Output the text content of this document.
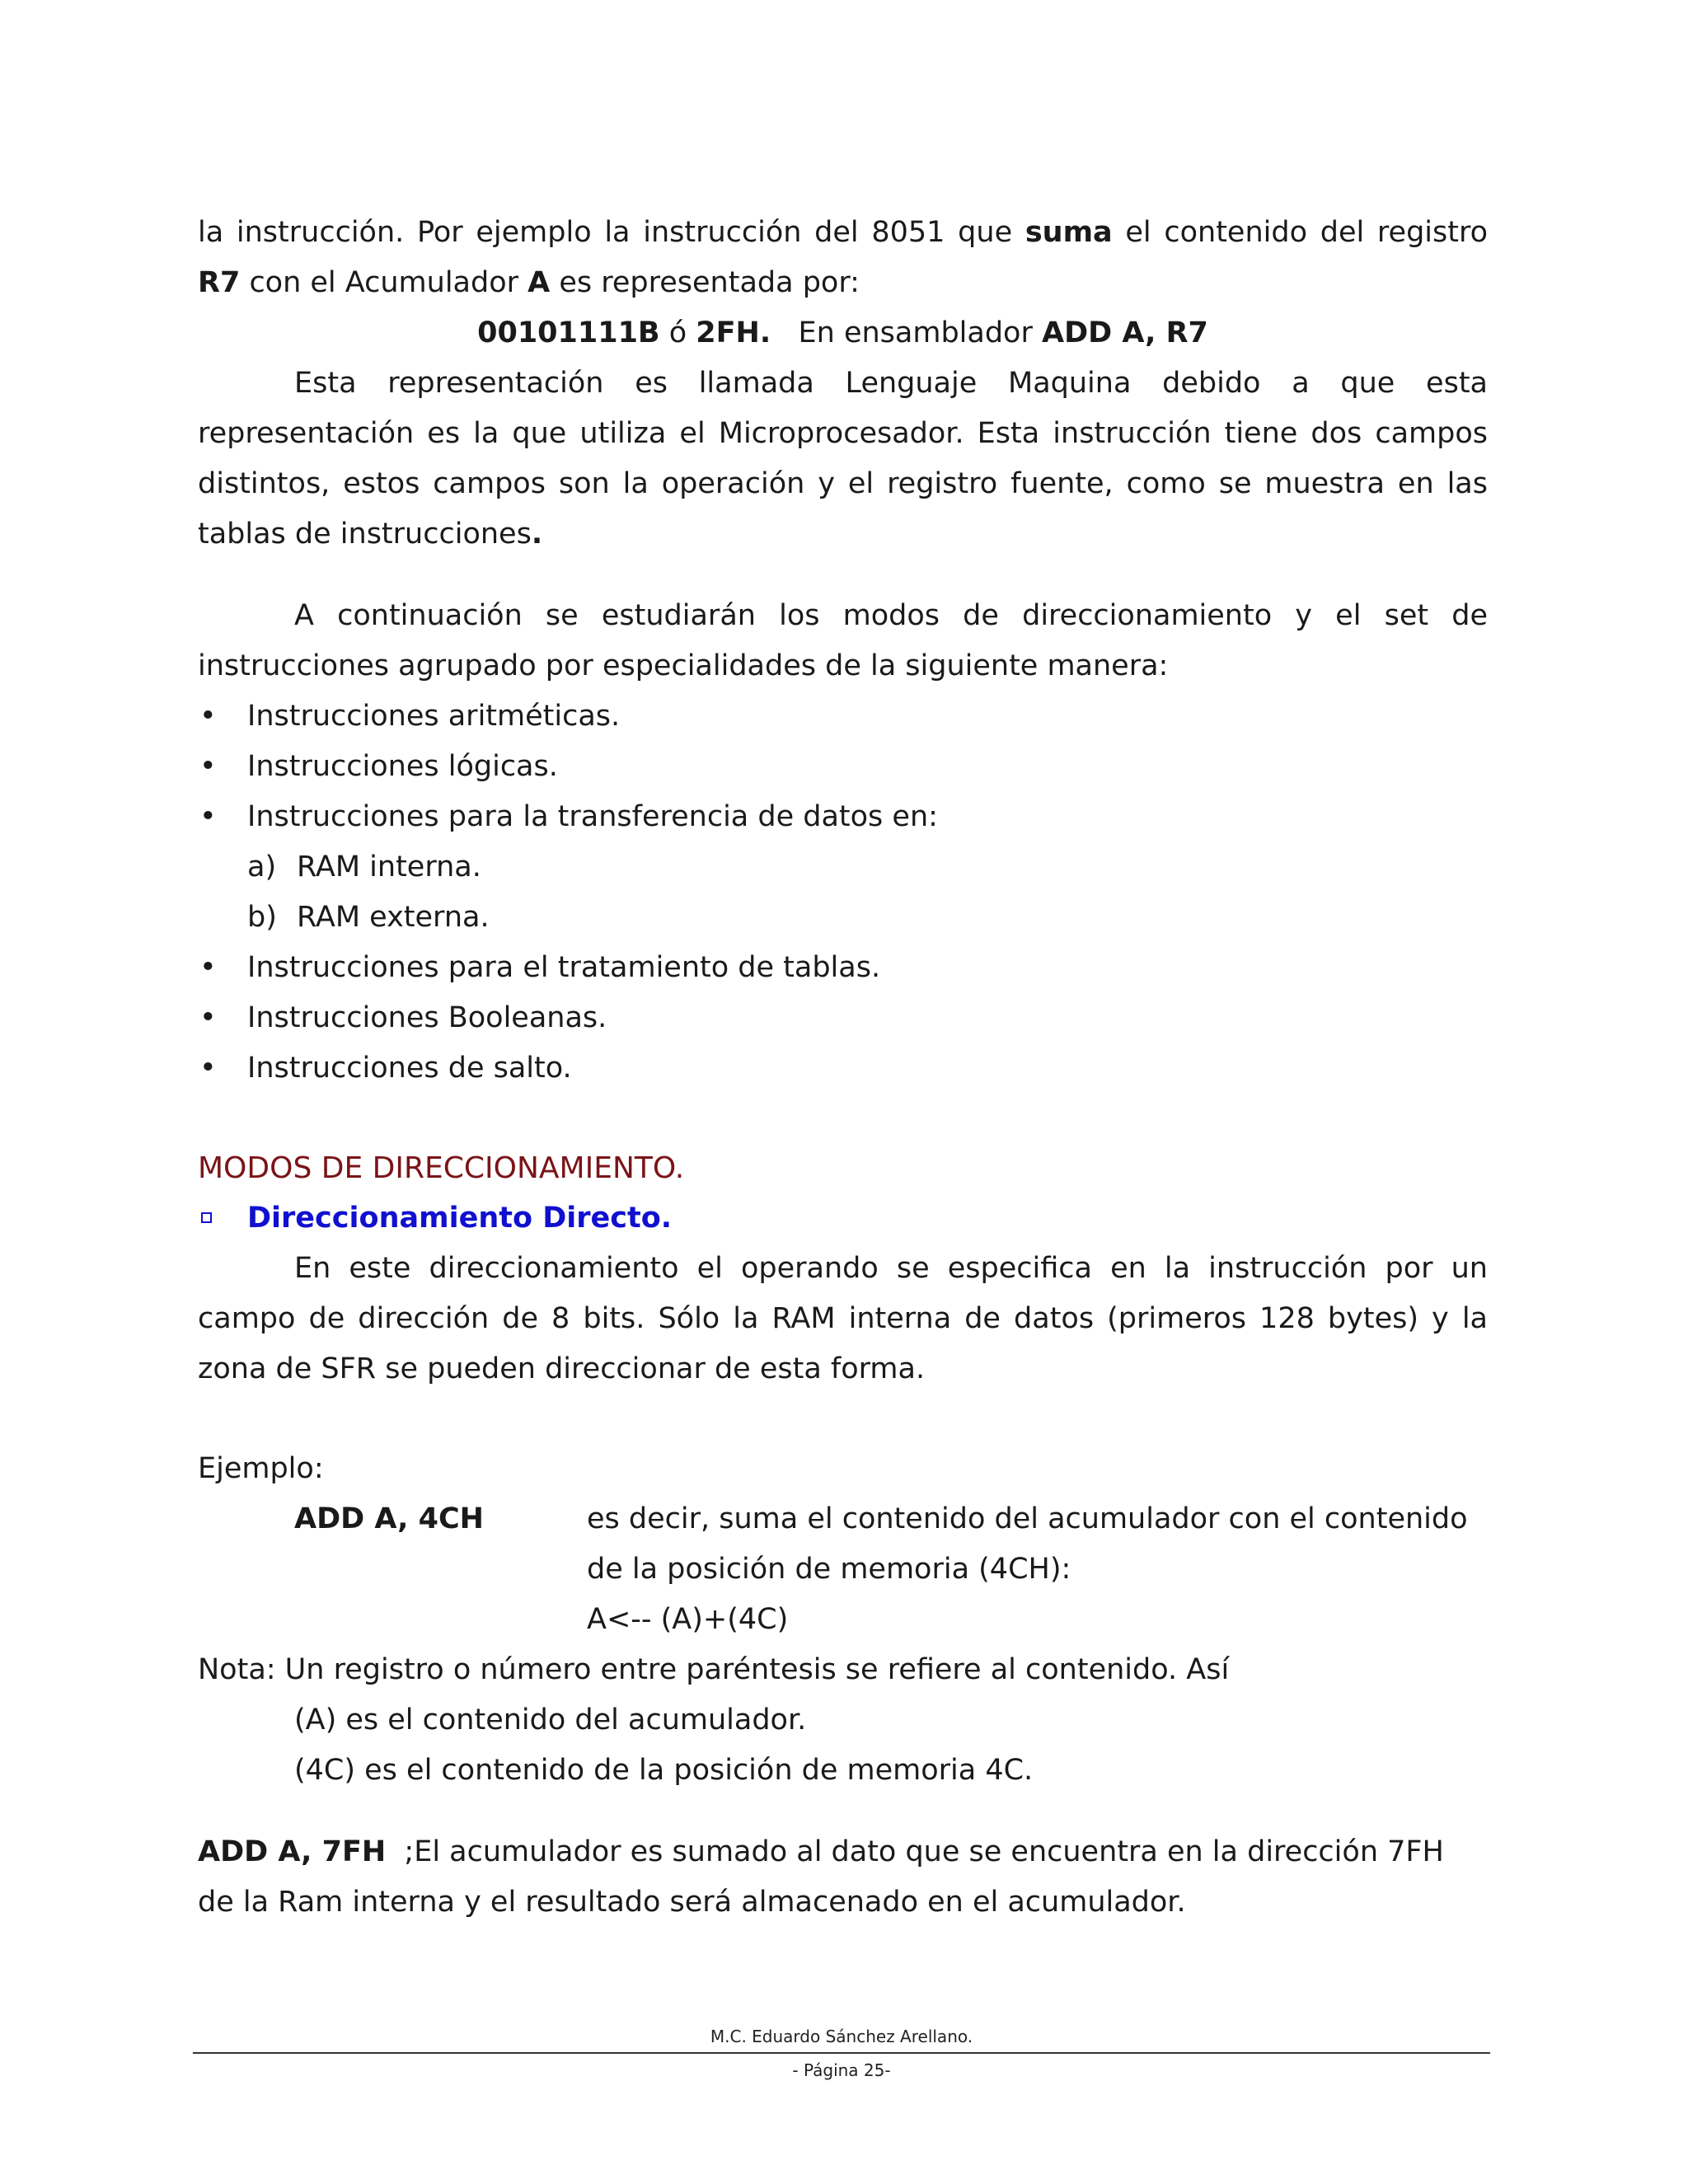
la instrucción. Por ejemplo la instrucción del 8051 que suma el contenido del registro R7 con el Acumulador A es representada por:

00101111B ó 2FH.   En ensamblador ADD A, R7

Esta representación es llamada Lenguaje Maquina debido a que esta representación es la que utiliza el Microprocesador. Esta instrucción tiene dos campos distintos, estos campos son la operación y el registro fuente, como se muestra en las tablas de instrucciones.

A continuación se estudiarán los modos de direccionamiento y el set de instrucciones agrupado por especialidades de la siguiente manera:

• Instrucciones aritméticas.
• Instrucciones lógicas.
• Instrucciones para la transferencia de datos en:
a) RAM interna.
b) RAM externa.
• Instrucciones para el tratamiento de tablas.
• Instrucciones Booleanas.
• Instrucciones de salto.

MODOS DE DIRECCIONAMIENTO.

Direccionamiento Directo.

En este direccionamiento el operando se especifica en la instrucción por un campo de dirección de 8 bits. Sólo la RAM interna de datos (primeros 128 bytes) y la zona de SFR se pueden direccionar de esta forma.

Ejemplo:

ADD A, 4CH	es decir, suma el contenido del acumulador con el contenido de la posición de memoria (4CH):

A<-- (A)+(4C)

Nota: Un registro o número entre paréntesis se refiere al contenido. Así

(A) es el contenido del acumulador.

(4C) es el contenido de la posición de memoria 4C.

ADD A, 7FH  ;El acumulador es sumado al dato que se encuentra en la dirección 7FH de la Ram interna y el resultado será almacenado en el acumulador.

M.C. Eduardo Sánchez Arellano.
- Página 25-
